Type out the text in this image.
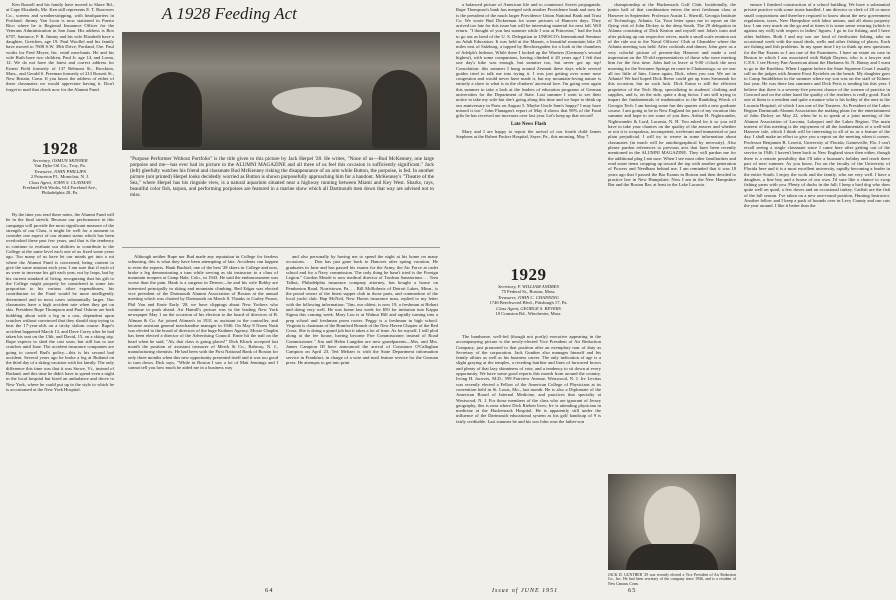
A 1928 Feeding Act

Ken Russell and his family have moved to Shore Rd., at Cape Elizabeth, Me. Ken still represents E. T. Burrowes Co., screens and weatherstripping, with headquarters in Portland. Jimmy Van Loon is now stationed in Puerto Rico where he is Regional Insurance Officer for the Veterans Administration in San Juan. His address is Box 6707, Santurce, P. R. Jimmy and his wife Elizabeth have a daughter, Gretchen, age 19. Paul Woollef and his family have moved to 7608 S.W. 39th Drive, Portland, Ore. Paul works for Fred Meyer, Inc. retail merchants. He and his wife Ruth have two children, Paul Jr. age 14, and Lorna, 12. We do not have the latest and correct address for Ernest Field formerly of 137 Belmont St., Brockton, Mass., and Gerald S. Freeman formerly of 213 Rossett St., New Britain, Conn. If you know the address of either of these classmates we would appreciate having it. Don't forget to mail that check now for the Alumni Fund.

1928
Secretary, OSMUN SKINNER
Van Dyke Oil Co., Troy, Pa.
Treasurer, JOHN PHILLIPS
2 Princeton Pl., Montclair, N. J.
Class Agent, JOHN S. CLAYMAN
Freeland Felt Works, 614 Foreland Ave.,
Philadelphia 28, Pa.

By the time you read these notes, the Alumni Fund will be in the final stretch. Because our performance in this campaign will provide the most significant measure of the strength of our Class, it might be well for a moment to consider one aspect of our alumni status which has been overlooked these past few years, and that is the tendency to continue to evaluate our abilities to contribute to the College at the same level each one of us fixed some years ago. Too many of us have let our minds get into a rut where the Alumni Fund is concerned, being content to give the same amount each year. I am sure that if each of us were to increase his gift each year, not by leaps, but by his current standard of living, recognizing that his gift to the College might properly be considered in some fair proportion to his various other expenditures, his contribution to the Fund would be more intelligently determined and in most cases substantially larger. Our classmates have a high accident rate when they get on skis. President Rupe Thompson and Paul Osborn are both hobbling about with a leg in a cast, dependent upon crutches without convinced that they should stop trying to beat the 17-year-olds on a tricky slalom course. Rupe's accident happened March 13, and Dave Corey after he had taken his seat on the 13th, and David, 15, on a skiing trip. Rupe expects to shed the cast soon, but still has to use crutches until June. The accident insurance companies are going to cancel Bud's policy—this is his second bad accident. Several years ago he broke a leg at Rutland on the third day of a skiing vacation with his family. The only difference this time was that it was Stowe, Vt., instead of Rutland, and this time he didn't have to spend even a night in the local hospital but hired an ambulance and drove to New York, where he could put up in the style to which he is accustomed at the New York Hospital.

"Purpose Performer Without Portfolio" is the title given to this picture by Jack Herpel '28. He writes, "None of us—Bud McKenney, one large porpoise and me—has ever had its picture in the ALUMNI MAGAZINE and all three of us feel this occasion is sufficiently significant." Jack (left) gleefully watches his friend and classmate Bud McKenney risking the disappearance of an arm while Button, the porpoise, is fed. In another picture (not printed) Herpel looks decidedly worried as Button is shown purposefully approaching him for a handout. McKenney's "Theatre of the Sea," where Herpel has his ringside view, is a natural aquarium situated near a highway running between Miami and Key West. Sharks, rays, beautiful color fish, tarpon, and performing porpoises are featured in a marine show which all Dartmouth men down that way are advised not to miss.

Although neither Rupe nor Bud made any reputation in College for fearless schussing, this is what they have been attempting of late. Accidents can happen to even the experts. Hank Buchtel, one of the best '28 skiers in College and now, broke a leg demonstrating a turn while serving as ski instructor to a class of mountain troopers at Camp Hale, Colo., in 1943. He said the embarrassment was worse than the pain. Hank is a surgeon in Denver—he and his wife Bobby are interested principally in skiing and mountain climbing. Red Edgar was elected vice president of the Dartmouth Alumni Association of Boston at the annual meeting which was chaired by Dartmouth on March 8. Thanks to Curley Pruser, Phil Van and Ernie Early '28, we have clippings about New Yorkers who continue to push ahead. Art Hamill's picture was in the leading New York newspaper May 1 on the occasion of his election to the board of directors of B. Altman & Co. Art joined Altman's in 1931 as assistant to the controller, and became assistant general merchandise manager in 1946. On May 8 Norm Nash was elected to the board of directors of the huge Kuthner Agency. Moxie Chaplin has been elected a director of the Advertising Council. Ernie hit the nail on the head when he said, "Ah, that class is going places!" Dick Klinck accepted last month the position of assistant treasurer of Merck & Co., Rahway, N. J., manufacturing chemists. He had been with the First National Bank of Boston for only three months when this new opportunity presented itself and it was too good to turn down. Dick says, "While in Boston I saw a lot of Matt Jennings and I cannot tell you how much he aided me in a business way

and also personally by having me to spend the night at his home on many occasions. . . Don has just gone back to Hanover after spring vacation. He graduates in June and has passed his exams for the Army, the Air Force at cadet school and for a Navy commission. The only thing he hasn't tried is the Foreign Legion." Gordon Meade is now medical director of Trudeau Sanatorium. . . Tom Talbot, Philadelphia insurance company attorney, has bought a house on Pemberton Road, Norristown, Pa. . . Bill McRoberts of Detroit Lakes, Minn., is the proud owner of the finest supper club in those parts, and commodore of the local yacht club. Hap McNeil, New Haven insurance man, replied to my letter with the following information: "Jim, our oldest, is now 19, a freshman at Hobart and doing very well. He was home last week for $50 for initiation into Kappa Sigma this coming week. Mary Lou is at Walnut Hill and rapidly turning into a prep school and freshman prom rooter. Peggy is a freshman in high school. Virginia is chairman of the Branford Branch of the New Haven Chapter of the Red Cross. She is doing a grand job but it takes a lot of time. As for myself, I still plod along at the fee house, having become Fire Commissioner instead of Road Commissioner." Jim and Helen Langdon are now grandparents—Mrs. and Mrs. James Campion III have announced the arrival of Constance O'Callaghan Campion on April 23. Ted Meltzer is with the State Department information service in Frankfurt, in charge of a wire and mail feature service for the German press. He attempts to get into print

64

a balanced picture of American life and to counteract Soviet propaganda. Rupe Thompson's bank has merged with another Providence bank and now he is the president of the much larger Providence Union National Bank and Trust Co. We wrote Bud Dickerman for some pictures of Hanover days. They arrived too late for this issue but will be interesting material for next fall. Will return. "I thought of you last summer while I was at Princeton," had the luck to go out as head of the U. S. Delegation to UNESCO's International Seminar on Adult Education. It was held at the Manoir, a beautiful mountain lake 25 miles east of Salzburg, a topped by Berchtesgaden for a look at the chambers of Adolph's hideout. While there I looked up the Warners (Germany's second highest), with some companions, having climbed it 20 years ago! I felt that one day's hike was enough, but summer too, but never got up top! Consolation: this summer I hung around Zermatt these days while several guides tried to talk me into trying it. I was just getting over some nose congestion and would never have made it, but my mountain-loving nature is entirely a slave to what is in the climbers' ancestral lore. I'm going over again this summer to take a look at the leaders of education programs of German universities for the Department of State. Last summer I went to see their notice to take my wife but she's going along this time and we hope to drink up our anniversary in Paris on August 5. Maybe Uncle Sam's happy? I may have missed it too." John Flanagan's report of May 4 shows that 98% of the Fund gifts he has received are increases over last year. Let's keep up that record!

Late News Flash

Mary and I are happy to report the arrival of our fourth child James Stephens at the Robert Packer Hospital, Sayre, Pa., this morning, May 7.

1929
Secretary, F. WILLIAM ANDRES
75 Federal St., Boston, Mass.
Treasurer, JOHN C. CHANNING
1746 Beechwood Blvd., Pittsburgh 17, Pa.
Class Agent, GEORGE S. REVERS
10 Cranston Rd., Winchester, Mass.

The handsome, well-fed (though not portly) executive appearing in the accompanying picture is the newly-elected Vice President of Air Reduction Company, just promoted to that position after an exemplary tour of duty as Secretary of the corporation. Jack Gunther also manages himself and his family affairs as well as his business career. The only indication of age is a slight graying at the temples, a receding hairline and lines of furrowed brows and plenty of that lazy skinniness of vote, and a tendency to sit down at every opportunity. We have some good reports this month from around the country. Irving H. Jacoves, M.D., 599 Fairview Avenue, Westwood, N. J. Irv Levitas was recently elected a Fellow of the American College of Physicians at its convention held in St. Louis, Mo., last month. He is also a Diplomate of the American Board of Internal Medicine, and practices that specialty at Westwood, N. J. For those members of the class who are ignorant of Jersey geography, this is near where Dick Rieben lives; Irv is attending physician in medicine at the Hackensack Hospital. He is apparently still under the influence of the Dartmouth educational system as his golf handicap of 9 is fairly creditable. Last summer he and his son John won the father-son

championship at the Hackensack Golf Club. Incidentally, the junior half of that combination enters the next freshman class at Hanover in September. Professor Austin L. Sherrill, Georgia Institute of Technology, Atlanta, Ga. Your letter spurs me to report on the flying visit of John Dickey to the deep South. The 29 delegation in Atlanta consisting of Dick Keaton and myself met John's train and after picking up our respective wives, made a small scale reunion out of the ride out to the Naval Officers' Club at Chamblee where the Atlanta meeting was held. After cocktails and dinner, John gave us a very colorful picture of present-day Hanover and made a real impression on the 55-old representatives of those who were meeting him for the first time. John had to leave at 9:00 o'clock the next morning for the Sewanee Springs en route to Chattanooga, so we saw all too little of him. Come again, Dick, when you can. We are in Atlanta! We had hoped Dick Reese could get up from Savannah for this occasion, but no such luck. Dick Eaton is still the efficient proprietor of the Tech Shop, specializing in students' clothing and supplies, and is, on the side, quite a drag factor. I am still trying to impart the fundamentals of mathematics to the Rambling Wreck of Georgia Tech. I am having some fun this quarter with a new graduate course. I am going to be in New England for part of my vacation this summer and hope to see some of you then. Arthur H. Nightwander, Nightwander & Lord, Laconia, N. H. You asked for it so you will have to take your chances on the quality of the answer and whether or not it is scrupulous, incompetent, irrelevant and immaterial or just plain prejudicial. I will try to weave in some information about classmates (in much will be autobiographical by necessity). Also please pardon references to previous acts that have been recently mentioned in the ALUMNI MAGAZINE. They will pardon me for the additional plug I am sure. When I see most other familiarities and read some items cropping up toward the top with another generation of Powers and Needham behind me, I am reminded that it was 18 years ago that I passed the Bar Exams in Boston and then decided to practice law in New Hampshire. Now I am in the New Hampshire Bar and the Boston Bar, at least in the Lake Laconia.

JACK D. GUNTHER '29 was recently elected a Vice President of Air Reduction Co., Inc. He had been secretary of the company since 1946, and is a resident of New Canaan, Conn.

ensure I finished construction of a school building. We have a substantial private practice with some trusts handled. I am director or clerk of 20 or more small corporations and therefore required to know about the new government regulations, taxes, New Hampshire with labor unions, and all about property law. I am very much on the go and at times it is some sense wearing (which is against my will) with respect to ladies' figures. I go in for fishing, and I have other hobbies. Both I and my son are fond of freshwater fishing, take an occasional week with the usual deals, wells and other fishing of places. Each are fishing and fish problems. In my spare time I try to think up new questions for the Bar Exams so I am one of the Examiners. I have an estate on case in Boston in which I am associated with Ralph Dayton, who is a lawyer and C.P.A. I see Hovey Pan-American about the Harkness St. N. Bunny and I want to go to the Knoblaw. When I appear before the State Supreme Court I usually call on the judges with Jimmie Frost Kyrieleis on the bench. My daughter goes to Camp Smiddleton in the summer where my son was on the staff of Kilmer last year. He was there last summers and Dick Peris is sending his this year. I believe that there is a seventy-five percent chance of the women of practice in Concord and on the other hand the quality of the teachers is really good. Each one of them is a resident and quite a mature who is his hobby of the area to the Laconia Hospital, of which I am one of the Trustees. As President of the Lakes Region Dartmouth Alumni Association the making plans for the entertainment of John Dickey on May 22, when he is to speak at a joint meeting of the Alumni Association of Laconia, Lakeport and the Lakes Region. The main interest of this meeting is the enjoyment of all the fundamentals of a well-told Hanover tale, which I think will be interesting to all of us as a feature of the day. I shall make an effort to give you a report on the meeting when it comes. Professor Benjamin B. Leavitt, University of Florida, Gainesville, Fla. I can't recall seeing a single classmate since I came here after getting out of the service in 1946. I haven't been back to New England since then either, though there is a remote possibility that I'll take a busman's holiday and teach there part of next summer. As you know, I'm on the faculty of the University of Florida here and it is a most excellent university, rapidly becoming a leader in the entire South. I enjoy the work and the family, who are very well. I have a daughter, a fine boy and a house of our own. I'd sure like a chance to swap fishing yarns with you. Plenty of ducks in the fall; I keep a bird dog who does quite well on quail, a few doves and an occasional turkey. Catfish are the fish of the fall season. I've taken on a new one-round position, Hunting Instructor. Another fellow and I keep a pack of hounds over in Levy County and run cats the year around. I like it better than the

Issue of JUNE 1951	65
